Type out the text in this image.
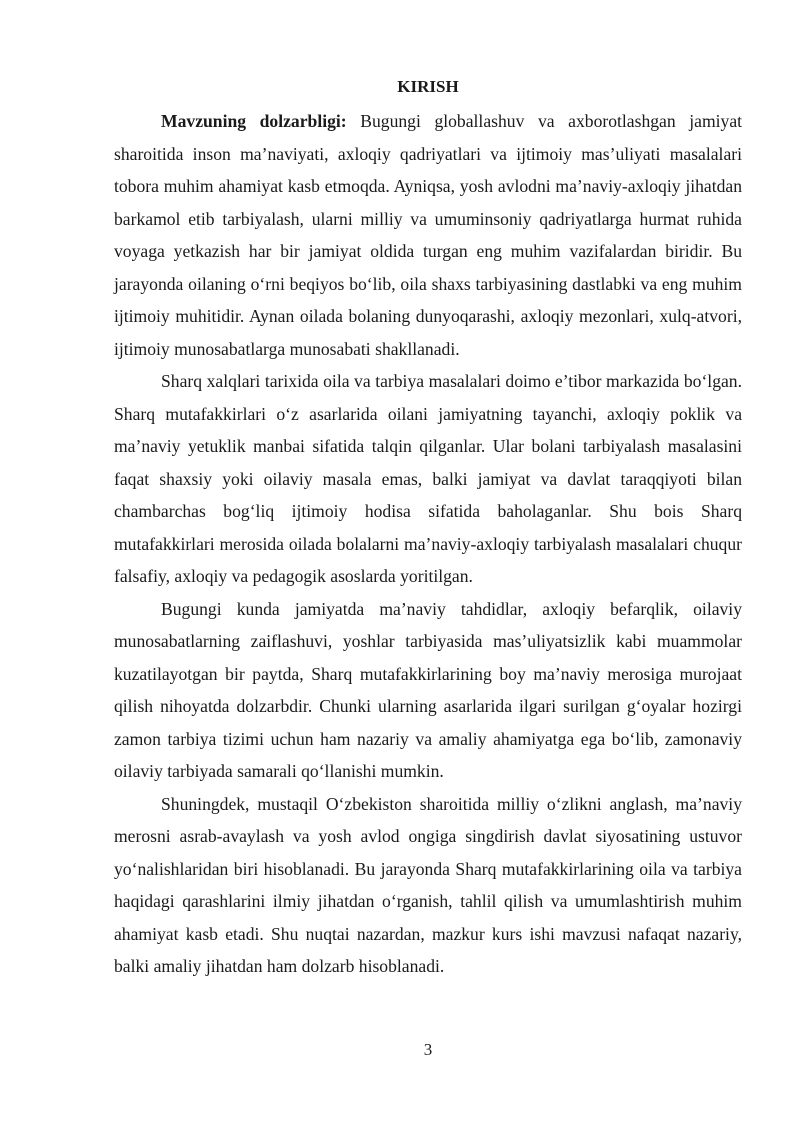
KIRISH

Mavzuning dolzarbligi: Bugungi globallashuv va axborotlashgan jamiyat sharoitida inson ma’naviyati, axloqiy qadriyatlari va ijtimoiy mas’uliyati masalalari tobora muhim ahamiyat kasb etmoqda. Ayniqsa, yosh avlodni ma’naviy-axloqiy jihatdan barkamol etib tarbiyalash, ularni milliy va umuminsoniy qadriyatlarga hurmat ruhida voyaga yetkazish har bir jamiyat oldida turgan eng muhim vazifalardan biridir. Bu jarayonda oilaning o‘rni beqiyos bo‘lib, oila shaxs tarbiyasining dastlabki va eng muhim ijtimoiy muhitidir. Aynan oilada bolaning dunyoqarashi, axloqiy mezonlari, xulq-atvori, ijtimoiy munosabatlarga munosabati shakllanadi.

Sharq xalqlari tarixida oila va tarbiya masalalari doimo e’tibor markazida bo‘lgan. Sharq mutafakkirlari o‘z asarlarida oilani jamiyatning tayanchi, axloqiy poklik va ma’naviy yetuklik manbai sifatida talqin qilganlar. Ular bolani tarbiyalash masalasini faqat shaxsiy yoki oilaviy masala emas, balki jamiyat va davlat taraqqiyoti bilan chambarchas bog‘liq ijtimoiy hodisa sifatida baholaganlar. Shu bois Sharq mutafakkirlari merosida oilada bolalarni ma’naviy-axloqiy tarbiyalash masalalari chuqur falsafiy, axloqiy va pedagogik asoslarda yoritilgan.

Bugungi kunda jamiyatda ma’naviy tahdidlar, axloqiy befarqlik, oilaviy munosabatlarning zaiflashuvi, yoshlar tarbiyasida mas’uliyatsizlik kabi muammolar kuzatilayotgan bir paytda, Sharq mutafakkirlarining boy ma’naviy merosiga murojaat qilish nihoyatda dolzarbdir. Chunki ularning asarlarida ilgari surilgan g‘oyalar hozirgi zamon tarbiya tizimi uchun ham nazariy va amaliy ahamiyatga ega bo‘lib, zamonaviy oilaviy tarbiyada samarali qo‘llanishi mumkin.

Shuningdek, mustaqil O‘zbekiston sharoitida milliy o‘zlikni anglash, ma’naviy merosni asrab-avaylash va yosh avlod ongiga singdirish davlat siyosatining ustuvor yo‘nalishlaridan biri hisoblanadi. Bu jarayonda Sharq mutafakkirlarining oila va tarbiya haqidagi qarashlarini ilmiy jihatdan o‘rganish, tahlil qilish va umumlashtirish muhim ahamiyat kasb etadi. Shu nuqtai nazardan, mazkur kurs ishi mavzusi nafaqat nazariy, balki amaliy jihatdan ham dolzarb hisoblanadi.

3
